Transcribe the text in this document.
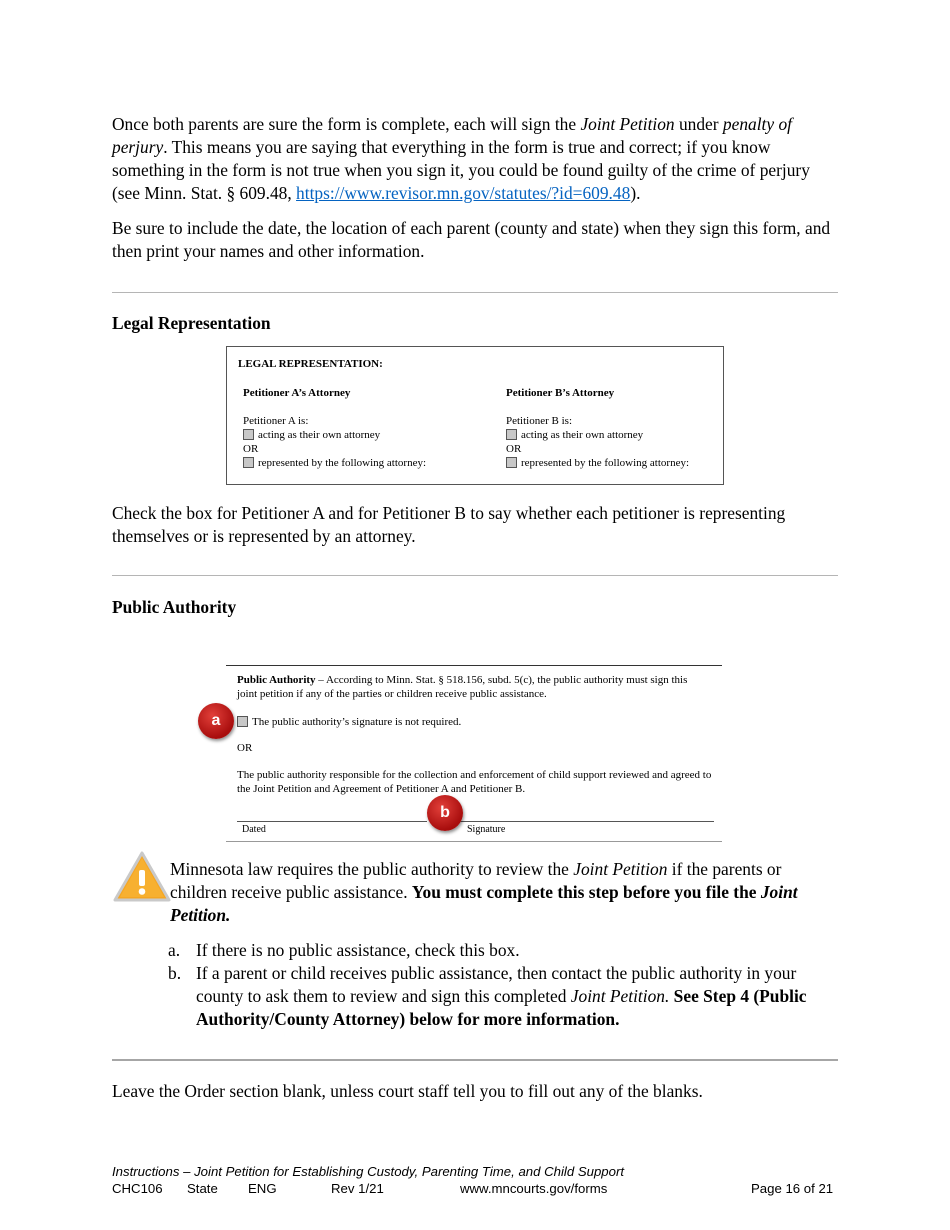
Once both parents are sure the form is complete, each will sign the Joint Petition under penalty of perjury. This means you are saying that everything in the form is true and correct; if you know something in the form is not true when you sign it, you could be found guilty of the crime of perjury (see Minn. Stat. § 609.48, https://www.revisor.mn.gov/statutes/?id=609.48).

Be sure to include the date, the location of each parent (county and state) when they sign this form, and then print your names and other information.

Legal Representation

LEGAL REPRESENTATION:
Petitioner A’s Attorney
Petitioner A is:
acting as their own attorney
OR
represented by the following attorney:
Petitioner B’s Attorney
Petitioner B is:
acting as their own attorney
OR
represented by the following attorney:

Check the box for Petitioner A and for Petitioner B to say whether each petitioner is representing themselves or is represented by an attorney.

Public Authority

Public Authority – According to Minn. Stat. § 518.156, subd. 5(c), the public authority must sign this joint petition if any of the parties or children receive public assistance.
The public authority’s signature is not required.
OR
The public authority responsible for the collection and enforcement of child support reviewed and agreed to the Joint Petition and Agreement of Petitioner A and Petitioner B.
Dated	Signature
a
b

Minnesota law requires the public authority to review the Joint Petition if the parents or children receive public assistance. You must complete this step before you file the Joint Petition.

a. If there is no public assistance, check this box.
b. If a parent or child receives public assistance, then contact the public authority in your county to ask them to review and sign this completed Joint Petition. See Step 4 (Public Authority/County Attorney) below for more information.

Leave the Order section blank, unless court staff tell you to fill out any of the blanks.

Instructions – Joint Petition for Establishing Custody, Parenting Time, and Child Support

CHC106 State ENG	Rev 1/21	www.mncourts.gov/forms	Page 16 of 21
